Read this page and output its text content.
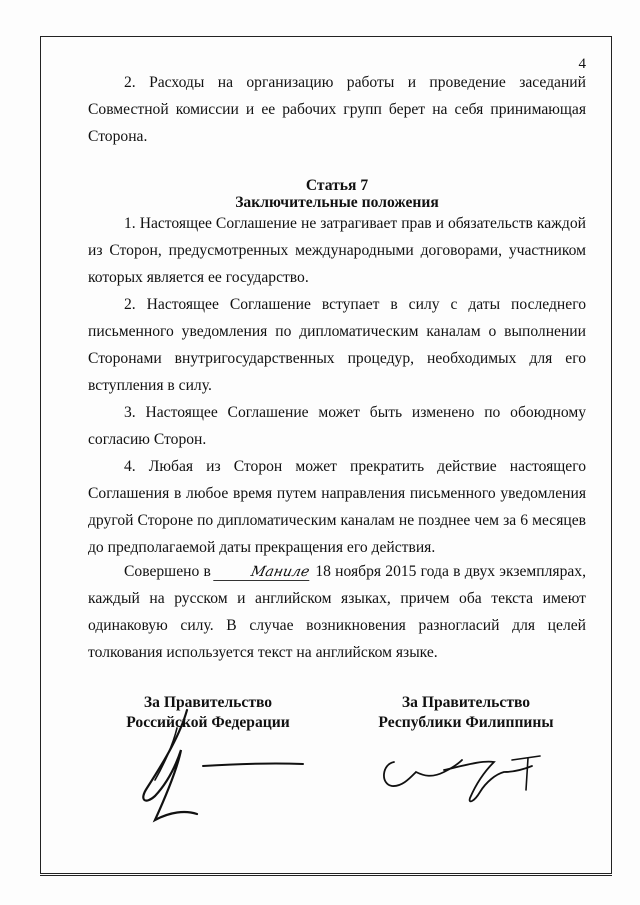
4

2. Расходы на организацию работы и проведение заседаний Совместной комиссии и ее рабочих групп берет на себя принимающая Сторона.

Статья 7
Заключительные положения

1. Настоящее Соглашение не затрагивает прав и обязательств каждой из Сторон, предусмотренных международными договорами, участником которых является ее государство.

2. Настоящее Соглашение вступает в силу с даты последнего письменного уведомления по дипломатическим каналам о выполнении Сторонами внутригосударственных процедур, необходимых для его вступления в силу.

3. Настоящее Соглашение может быть изменено по обоюдному согласию Сторон.

4. Любая из Сторон может прекратить действие настоящего Соглашения в любое время путем направления письменного уведомления другой Стороне по дипломатическим каналам не позднее чем за 6 месяцев до предполагаемой даты прекращения его действия.

Совершено в	Манилe 18 ноября 2015 года в двух экземплярах, каждый на русском и английском языках, причем оба текста имеют одинаковую силу. В случае возникновения разногласий для целей толкования используется текст на английском языке.

За Правительство
Российской Федерации
За Правительство
Республики Филиппины
